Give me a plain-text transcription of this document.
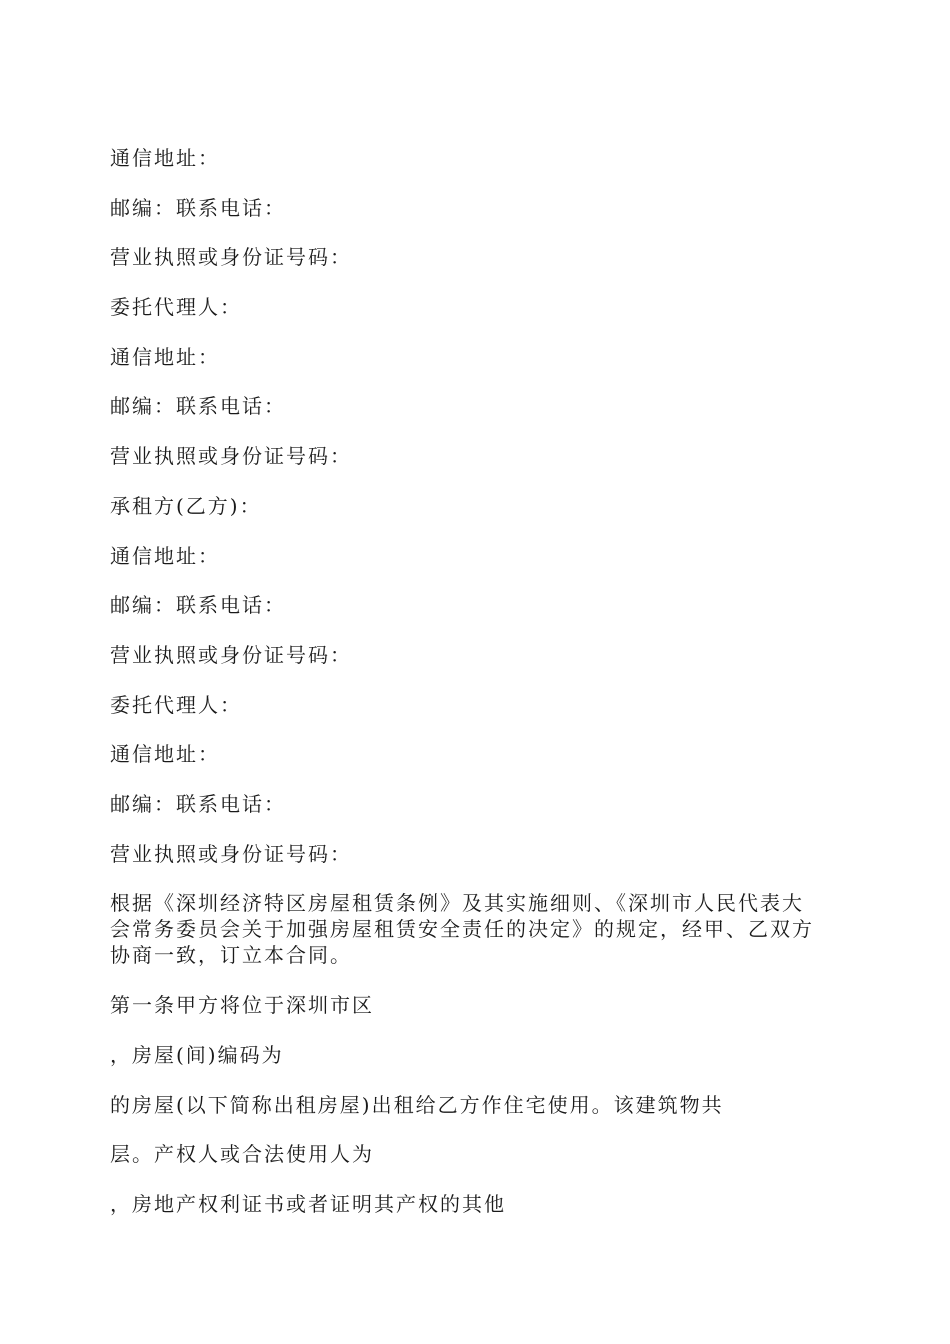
通信地址：
邮编：联系电话：
营业执照或身份证号码：
委托代理人：
通信地址：
邮编：联系电话：
营业执照或身份证号码：
承租方(乙方)：
通信地址：
邮编：联系电话：
营业执照或身份证号码：
委托代理人：
通信地址：
邮编：联系电话：
营业执照或身份证号码：
根据《深圳经济特区房屋租赁条例》及其实施细则、《深圳市人民代表大
会常务委员会关于加强房屋租赁安全责任的决定》的规定，经甲、乙双方
协商一致，订立本合同。
第一条甲方将位于深圳市区
，房屋(间)编码为
的房屋(以下简称出租房屋)出租给乙方作住宅使用。该建筑物共
层。产权人或合法使用人为
，房地产权利证书或者证明其产权的其他
